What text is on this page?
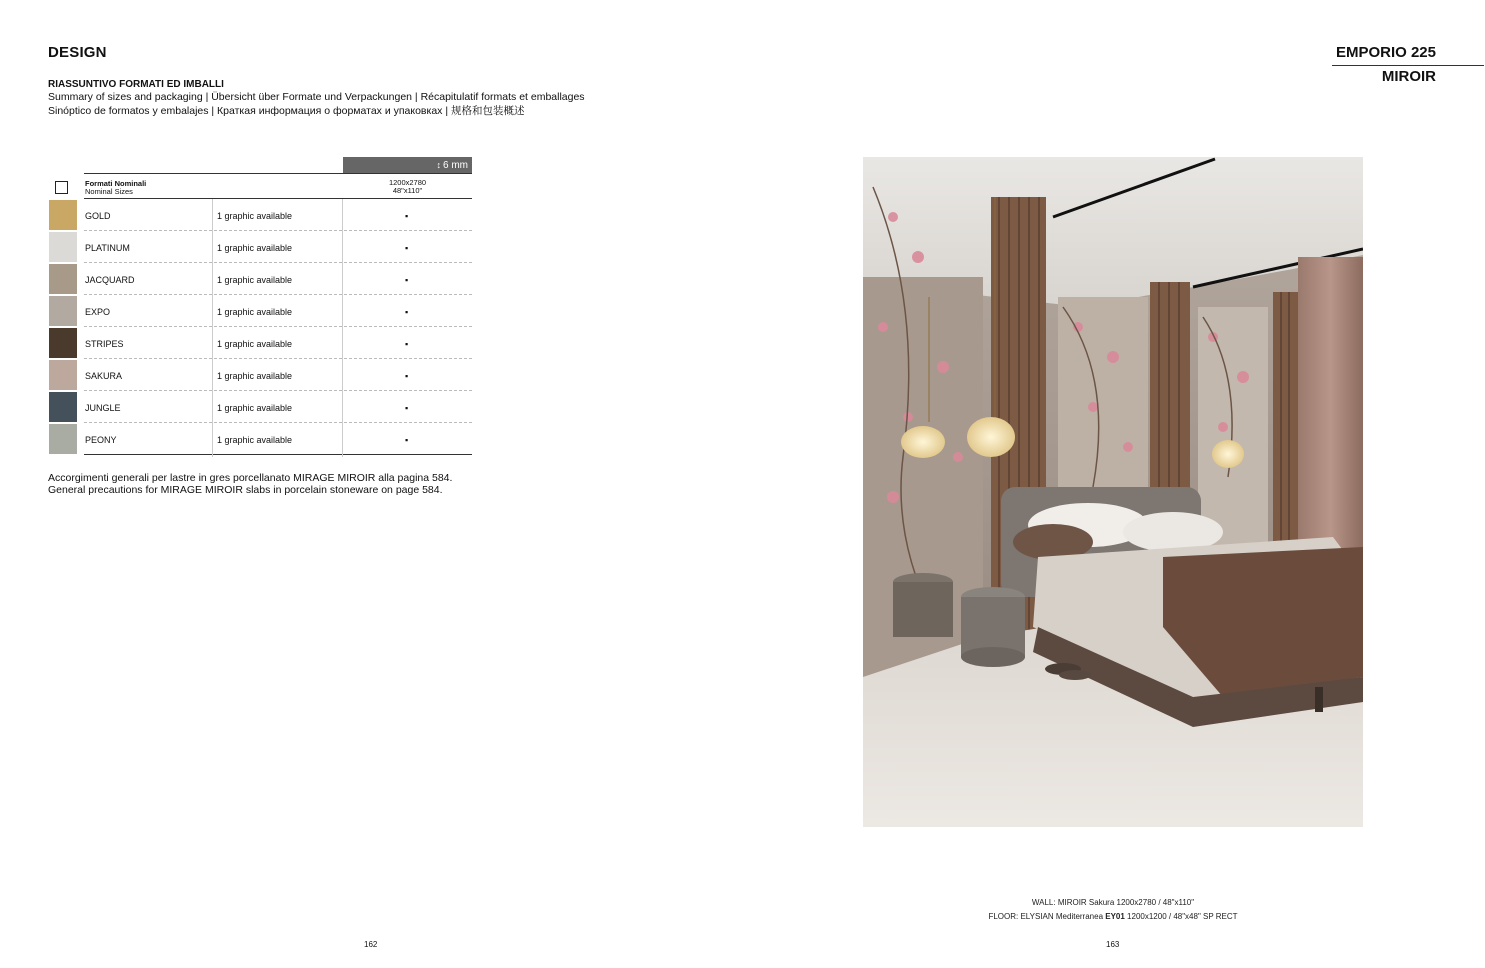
DESIGN
RIASSUNTIVO FORMATI ED IMBALLI
Summary of sizes and packaging | Übersicht über Formate und Verpackungen | Récapitulatif formats et emballages
Sinóptico de formatos y embalajes | Краткая информация о форматах и упаковках | 规格和包装概述
↕ 6 mm
Formati Nominali
Nominal Sizes
1200x2780
48"x110"
GOLD	1 graphic available	▪
PLATINUM	1 graphic available	▪
JACQUARD	1 graphic available	▪
EXPO	1 graphic available	▪
STRIPES	1 graphic available	▪
SAKURA	1 graphic available	▪
JUNGLE	1 graphic available	▪
PEONY	1 graphic available	▪
Accorgimenti generali per lastre in gres porcellanato MIRAGE MIROIR alla pagina 584.
General precautions for MIRAGE MIROIR slabs in porcelain stoneware on page 584.
162
EMPORIO 225
MIROIR
WALL: MIROIR Sakura 1200x2780 / 48"x110"
FLOOR: ELYSIAN Mediterranea EY01 1200x1200 / 48"x48" SP RECT
163
